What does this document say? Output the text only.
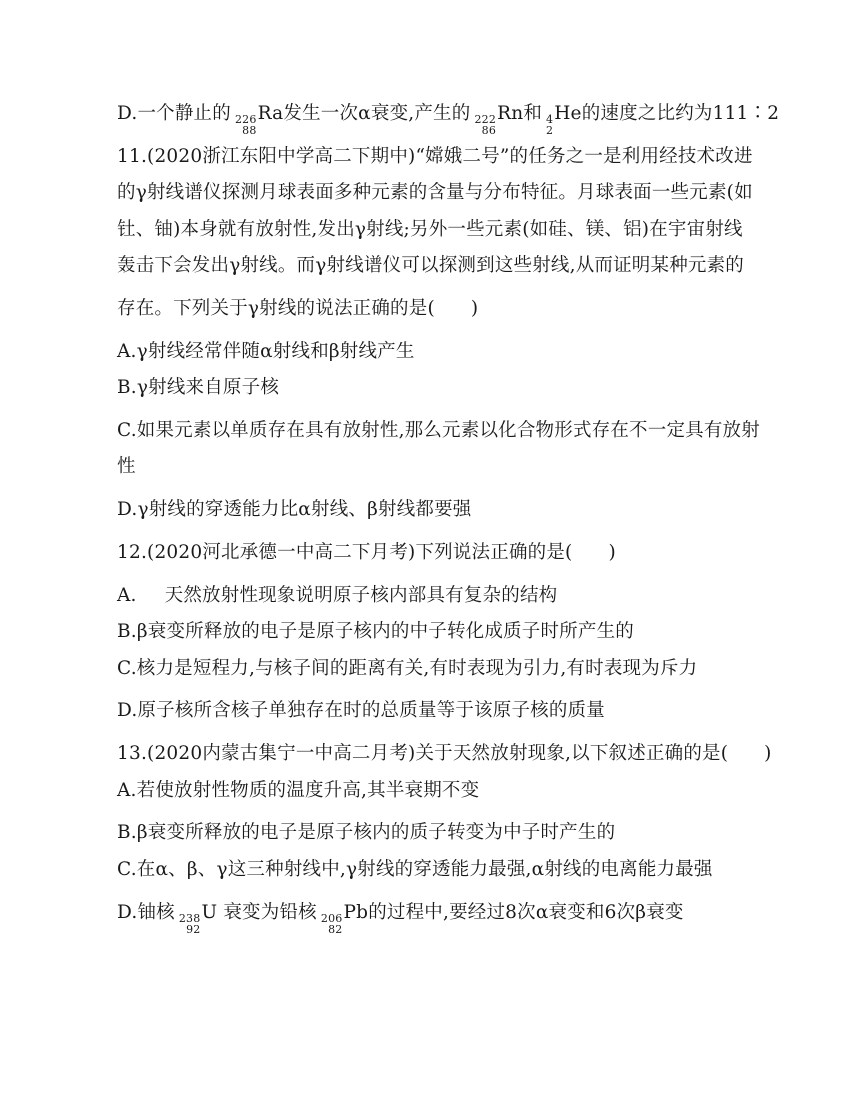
D.一个静止的 226
88
Ra发生一次α衰变,产生的 222
86
Rn和 4
2
He的速度之比约为111∶2
11.(2020浙江东阳中学高二下期中)“嫦娥二号”的任务之一是利用经技术改进
的γ射线谱仪探测月球表面多种元素的含量与分布特征。月球表面一些元素(如
钍、铀)本身就有放射性,发出γ射线;另外一些元素(如硅、镁、铝)在宇宙射线
轰击下会发出γ射线。而γ射线谱仪可以探测到这些射线,从而证明某种元素的
存在。下列关于γ射线的说法正确的是( )
A.γ射线经常伴随α射线和β射线产生
B.γ射线来自原子核
C.如果元素以单质存在具有放射性,那么元素以化合物形式存在不一定具有放射
性
D.γ射线的穿透能力比α射线、β射线都要强
12.(2020河北承德一中高二下月考)下列说法正确的是( )
A. 天然放射性现象说明原子核内部具有复杂的结构
B.β衰变所释放的电子是原子核内的中子转化成质子时所产生的
C.核力是短程力,与核子间的距离有关,有时表现为引力,有时表现为斥力
D.原子核所含核子单独存在时的总质量等于该原子核的质量
13.(2020内蒙古集宁一中高二月考)关于天然放射现象,以下叙述正确的是( )
A.若使放射性物质的温度升高,其半衰期不变
B.β衰变所释放的电子是原子核内的质子转变为中子时产生的
C.在α、β、γ这三种射线中,γ射线的穿透能力最强,α射线的电离能力最强
D.铀核 238
92
U 衰变为铅核 206
82
Pb的过程中,要经过8次α衰变和6次β衰变
